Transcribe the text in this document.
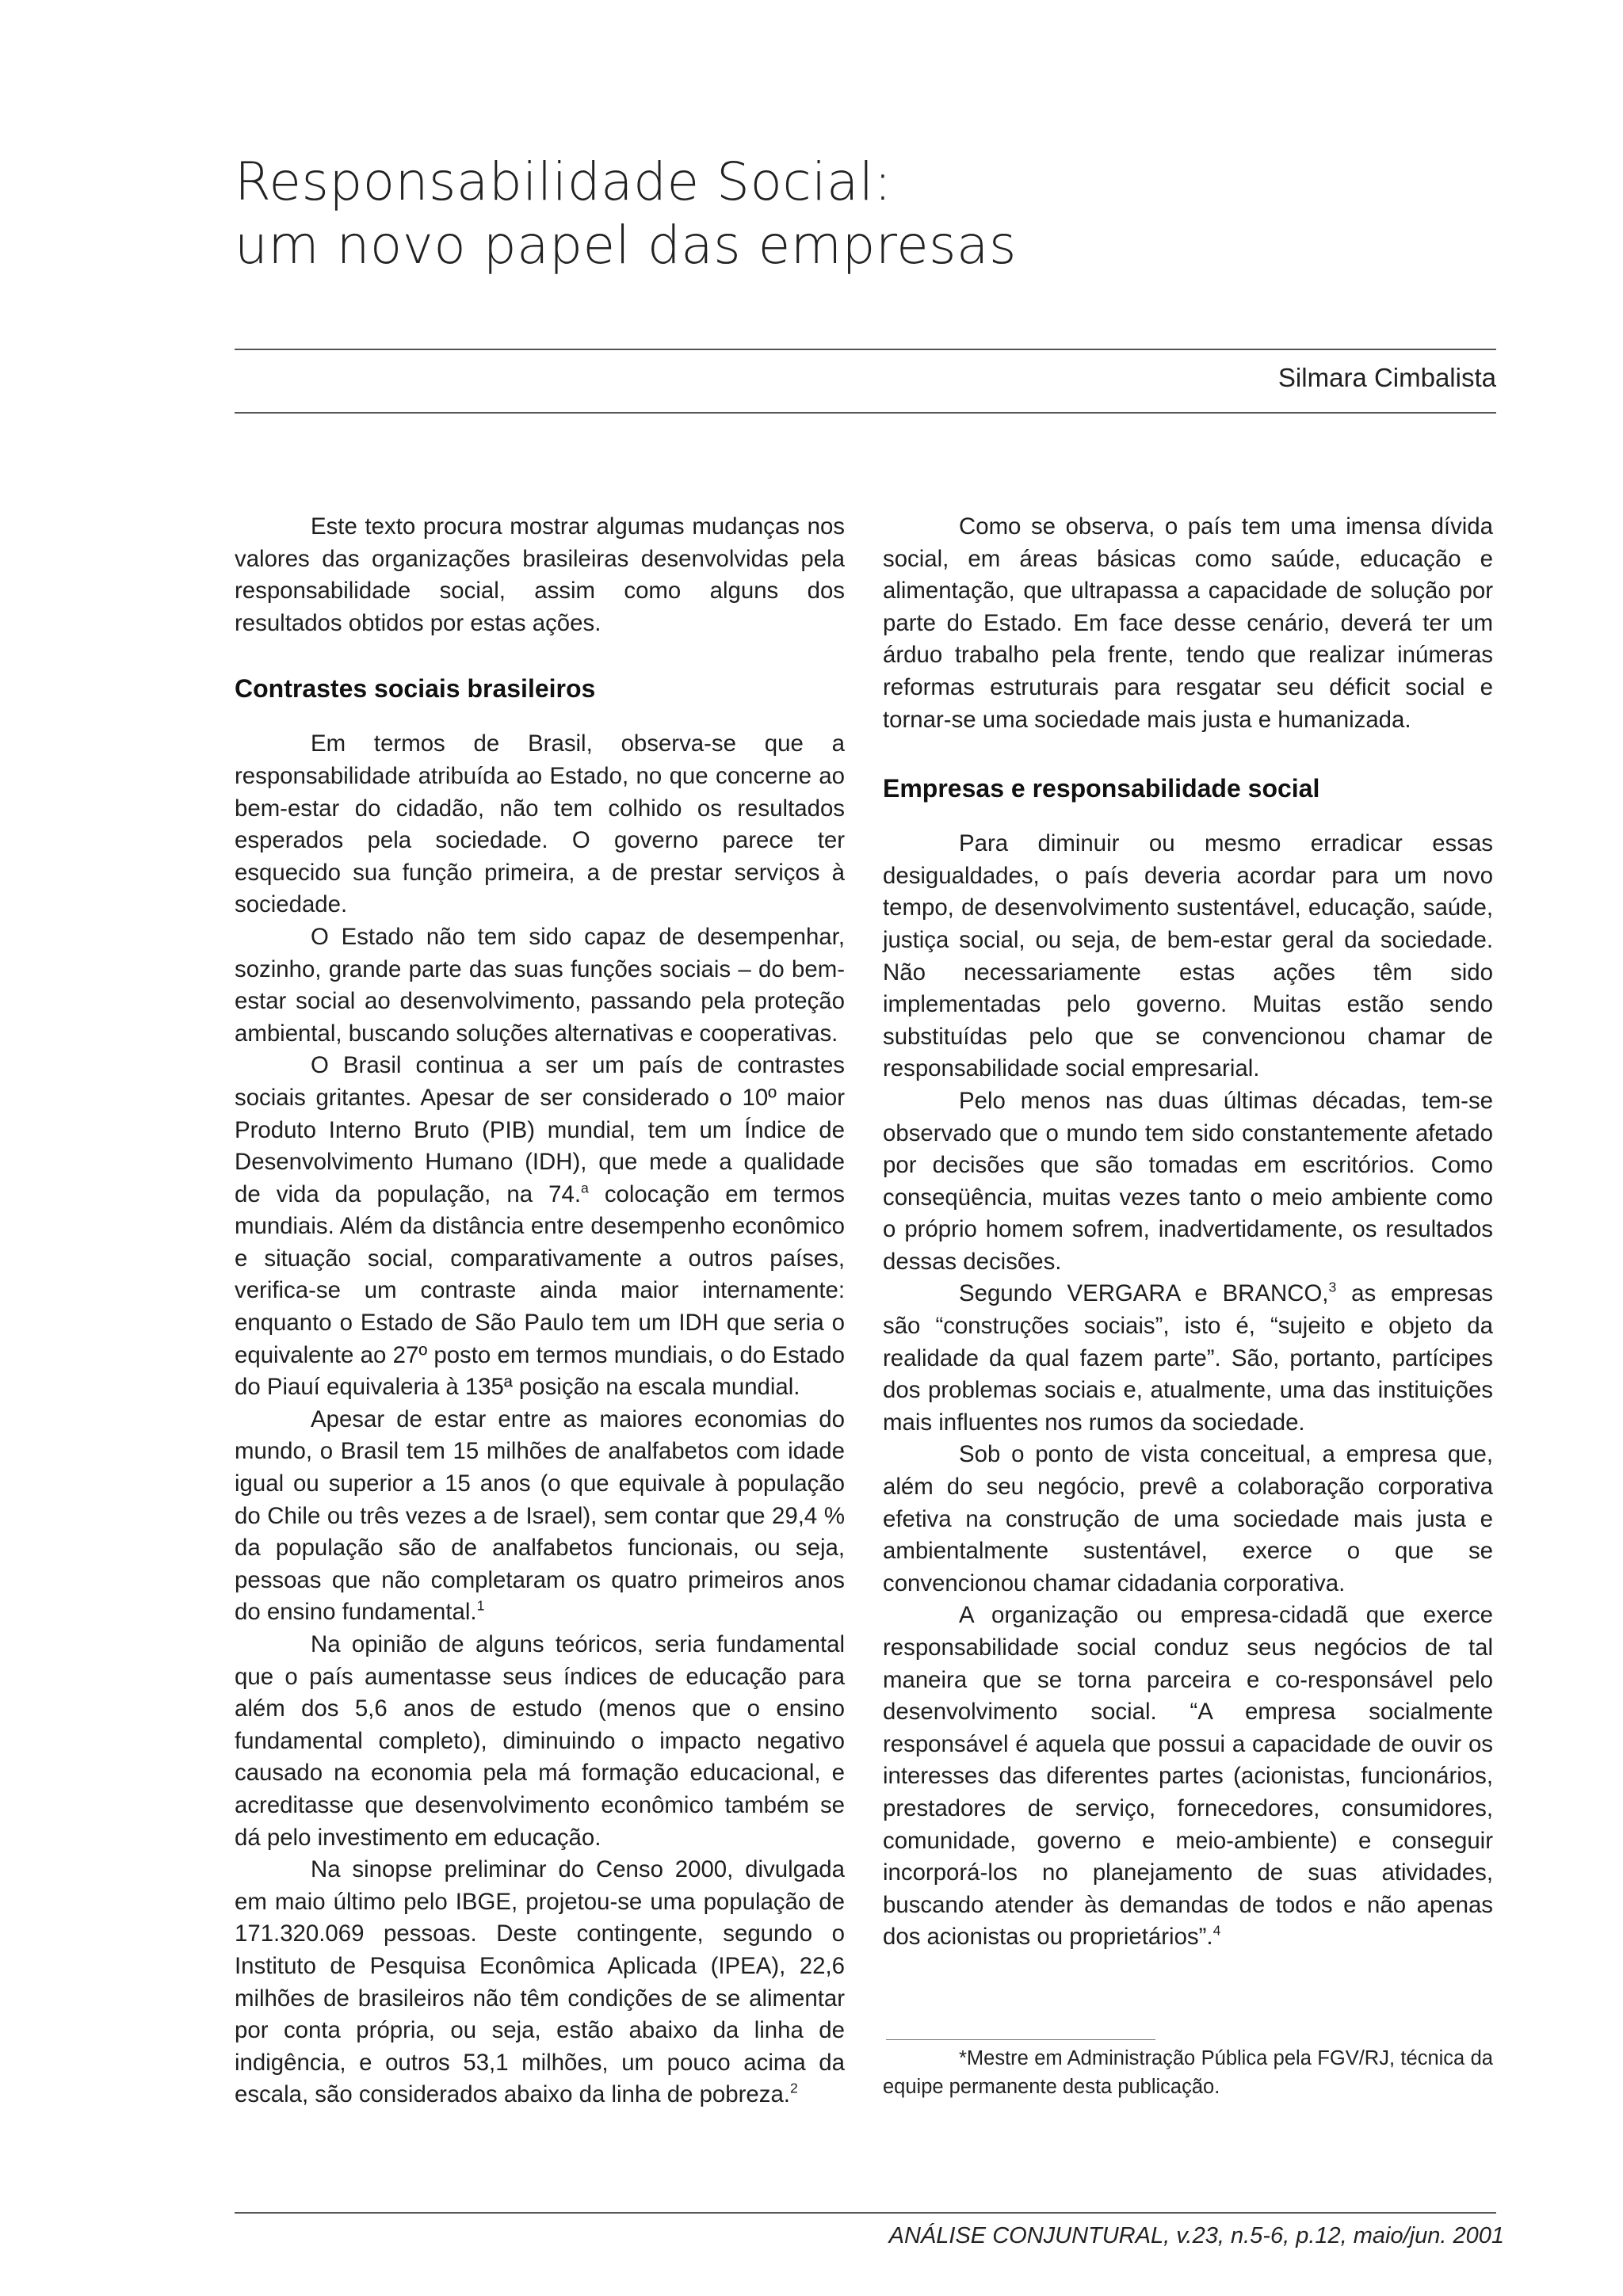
Responsabilidade Social:
um novo papel das empresas
Silmara Cimbalista

Este texto procura mostrar algumas mudanças nos valores das organizações brasileiras desenvolvidas pela responsabilidade social, assim como alguns dos resultados obtidos por estas ações.

Contrastes sociais brasileiros

Em termos de Brasil, observa-se que a responsabilidade atribuída ao Estado, no que concerne ao bem-estar do cidadão, não tem colhido os resultados esperados pela sociedade. O governo parece ter esquecido sua função primeira, a de prestar serviços à sociedade.

O Estado não tem sido capaz de desempenhar, sozinho, grande parte das suas funções sociais – do bem-estar social ao desenvolvimento, passando pela proteção ambiental, buscando soluções alternativas e cooperativas.

O Brasil continua a ser um país de contrastes sociais gritantes. Apesar de ser considerado o 10º maior Produto Interno Bruto (PIB) mundial, tem um Índice de Desenvolvimento Humano (IDH), que mede a qualidade de vida da população, na 74.$^a$ colocação em termos mundiais. Além da distância entre desempenho econômico e situação social, comparativamente a outros países, verifica-se um contraste ainda maior internamente: enquanto o Estado de São Paulo tem um IDH que seria o equivalente ao 27º posto em termos mundiais, o do Estado do Piauí equivaleria à 135ª posição na escala mundial.

Apesar de estar entre as maiores economias do mundo, o Brasil tem 15 milhões de analfabetos com idade igual ou superior a 15 anos (o que equivale à população do Chile ou três vezes a de Israel), sem contar que 29,4 % da população são de analfabetos funcionais, ou seja, pessoas que não completaram os quatro primeiros anos do ensino fundamental.$^1$

Na opinião de alguns teóricos, seria fundamental que o país aumentasse seus índices de educação para além dos 5,6 anos de estudo (menos que o ensino fundamental completo), diminuindo o impacto negativo causado na economia pela má formação educacional, e acreditasse que desenvolvimento econômico também se dá pelo investimento em educação.

Na sinopse preliminar do Censo 2000, divulgada em maio último pelo IBGE, projetou-se uma população de 171.320.069 pessoas. Deste contingente, segundo o Instituto de Pesquisa Econômica Aplicada (IPEA), 22,6 milhões de brasileiros não têm condições de se alimentar por conta própria, ou seja, estão abaixo da linha de indigência, e outros 53,1 milhões, um pouco acima da escala, são considerados abaixo da linha de pobreza.$^2$

Como se observa, o país tem uma imensa dívida social, em áreas básicas como saúde, educação e alimentação, que ultrapassa a capacidade de solução por parte do Estado. Em face desse cenário, deverá ter um árduo trabalho pela frente, tendo que realizar inúmeras reformas estruturais para resgatar seu déficit social e tornar-se uma sociedade mais justa e humanizada.

Empresas e responsabilidade social

Para diminuir ou mesmo erradicar essas desigualdades, o país deveria acordar para um novo tempo, de desenvolvimento sustentável, educação, saúde, justiça social, ou seja, de bem-estar geral da sociedade. Não necessariamente estas ações têm sido implementadas pelo governo. Muitas estão sendo substituídas pelo que se convencionou chamar de responsabilidade social empresarial.

Pelo menos nas duas últimas décadas, tem-se observado que o mundo tem sido constantemente afetado por decisões que são tomadas em escritórios. Como conseqüência, muitas vezes tanto o meio ambiente como o próprio homem sofrem, inadvertidamente, os resultados dessas decisões.

Segundo VERGARA e BRANCO,$^3$ as empresas são “construções sociais”, isto é, “sujeito e objeto da realidade da qual fazem parte”. São, portanto, partícipes dos problemas sociais e, atualmente, uma das instituições mais influentes nos rumos da sociedade.

Sob o ponto de vista conceitual, a empresa que, além do seu negócio, prevê a colaboração corporativa efetiva na construção de uma sociedade mais justa e ambientalmente sustentável, exerce o que se convencionou chamar cidadania corporativa.

A organização ou empresa-cidadã que exerce responsabilidade social conduz seus negócios de tal maneira que se torna parceira e co-responsável pelo desenvolvimento social. “A empresa socialmente responsável é aquela que possui a capacidade de ouvir os interesses das diferentes partes (acionistas, funcionários, prestadores de serviço, fornecedores, consumidores, comunidade, governo e meio-ambiente) e conseguir incorporá-los no planejamento de suas atividades, buscando atender às demandas de todos e não apenas dos acionistas ou proprietários”.$^4$

*Mestre em Administração Pública pela FGV/RJ, técnica da equipe permanente desta publicação.

ANÁLISE CONJUNTURAL, v.23, n.5-6, p.12, maio/jun. 2001
